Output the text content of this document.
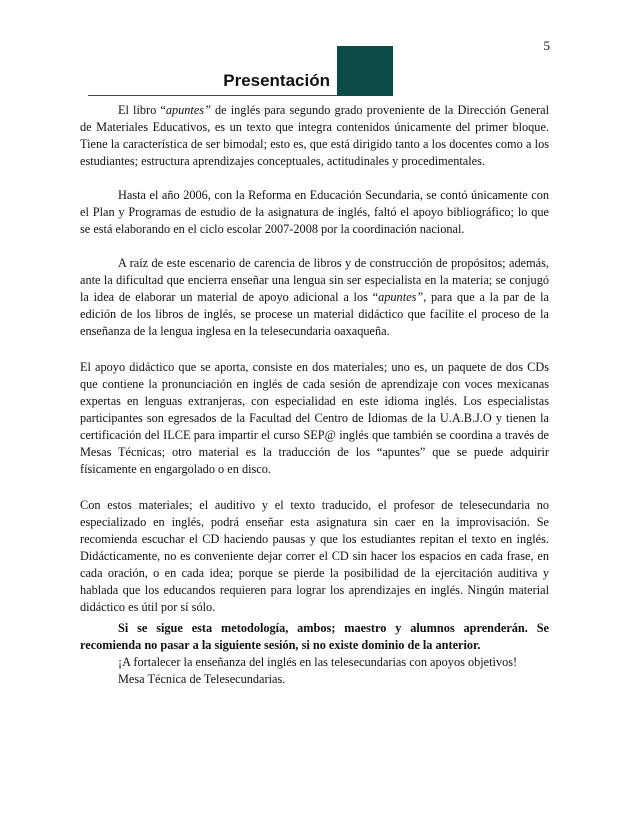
5
Presentación

El libro “apuntes” de inglés para segundo grado proveniente de la Dirección General de Materiales Educativos, es un texto que integra contenidos únicamente del primer bloque. Tiene la característica de ser bimodal; esto es, que está dirigido tanto a los docentes como a los estudiantes; estructura aprendizajes conceptuales, actitudinales y procedimentales.

Hasta el año 2006, con la Reforma en Educación Secundaria, se contó únicamente con el Plan y Programas de estudio de la asignatura de inglés, faltó el apoyo bibliográfico; lo que se está elaborando en el ciclo escolar 2007-2008 por la coordinación nacional.

A raíz de este escenario de carencia de libros y de construcción de propósitos; además, ante la dificultad que encierra enseñar una lengua sin ser especialista en la materia; se conjugó la idea de elaborar un material de apoyo adicional a los “apuntes”, para que a la par de la edición de los libros de inglés, se procese un material didáctico que facilite el proceso de la enseñanza de la lengua inglesa en la telesecundaria oaxaqueña.

El apoyo didáctico que se aporta, consiste en dos materiales; uno es, un paquete de dos CDs que contiene la pronunciación en inglés de cada sesión de aprendizaje con voces mexicanas expertas en lenguas extranjeras, con especialidad en este idioma inglés. Los especialistas participantes son egresados de la Facultad del Centro de Idiomas de la U.A.B.J.O y tienen la certificación del ILCE para impartir el curso SEP@ inglés que también se coordina a través de Mesas Técnicas; otro material es la traducción de los “apuntes” que se puede adquirir físicamente en engargolado o en disco.

Con estos materiales; el auditivo y el texto traducido, el profesor de telesecundaria no especializado en inglés, podrá enseñar esta asignatura sin caer en la improvisación. Se recomienda escuchar el CD haciendo pausas y que los estudiantes repitan el texto en inglés. Didácticamente, no es conveniente dejar correr el CD sin hacer los espacios en cada frase, en cada oración, o en cada idea; porque se pierde la posibilidad de la ejercitación auditiva y hablada que los educandos requieren para lograr los aprendizajes en inglés. Ningún material didáctico es útil por sí sólo.

Si se sigue esta metodología, ambos; maestro y alumnos aprenderán. Se recomienda no pasar a la siguiente sesión, si no existe dominio de la anterior.

¡A fortalecer la enseñanza del inglés en las telesecundarias con apoyos objetivos!

Mesa Técnica de Telesecundarias.
